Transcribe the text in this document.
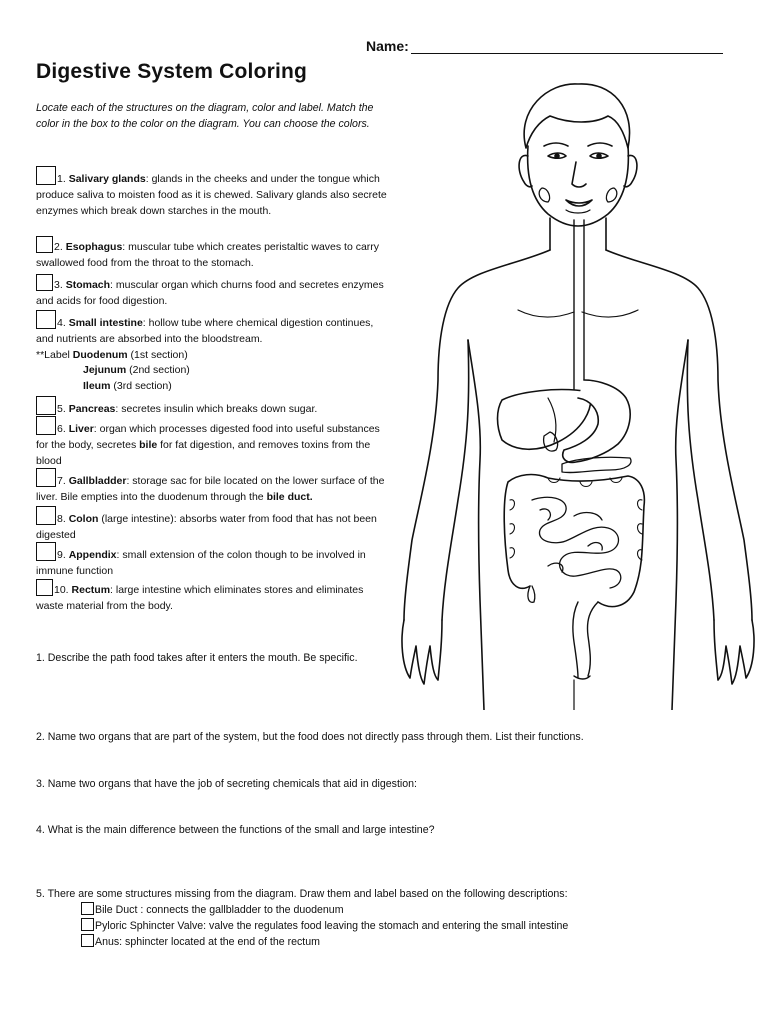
Name:
Digestive System Coloring
Locate each of the structures on the diagram, color and label. Match the color in the box to the color on the diagram. You can choose the colors.
1. Salivary glands: glands in the cheeks and under the tongue which produce saliva to moisten food as it is chewed. Salivary glands also secrete enzymes which break down starches in the mouth.
2. Esophagus: muscular tube which creates peristaltic waves to carry swallowed food from the throat to the stomach.
3. Stomach: muscular organ which churns food and secretes enzymes and acids for food digestion.
4. Small intestine: hollow tube where chemical digestion continues, and nutrients are absorbed into the bloodstream.
**Label Duodenum (1st section)
Jejunum (2nd section)
Ileum (3rd section)
5. Pancreas: secretes insulin which breaks down sugar.
6. Liver: organ which processes digested food into useful substances for the body, secretes bile for fat digestion, and removes toxins from the blood
7. Gallbladder: storage sac for bile located on the lower surface of the liver. Bile empties into the duodenum through the bile duct.
8. Colon (large intestine): absorbs water from food that has not been digested
9. Appendix: small extension of the colon though to be involved in immune function
10. Rectum: large intestine which eliminates stores and eliminates waste material from the body.
1. Describe the path food takes after it enters the mouth. Be specific.
2. Name two organs that are part of the system, but the food does not directly pass through them. List their functions.
3. Name two organs that have the job of secreting chemicals that aid in digestion:
4. What is the main difference between the functions of the small and large intestine?
5. There are some structures missing from the diagram. Draw them and label based on the following descriptions:
Bile Duct : connects the gallbladder to the duodenum
Pyloric Sphincter Valve: valve the regulates food leaving the stomach and entering the small intestine
Anus: sphincter located at the end of the rectum
